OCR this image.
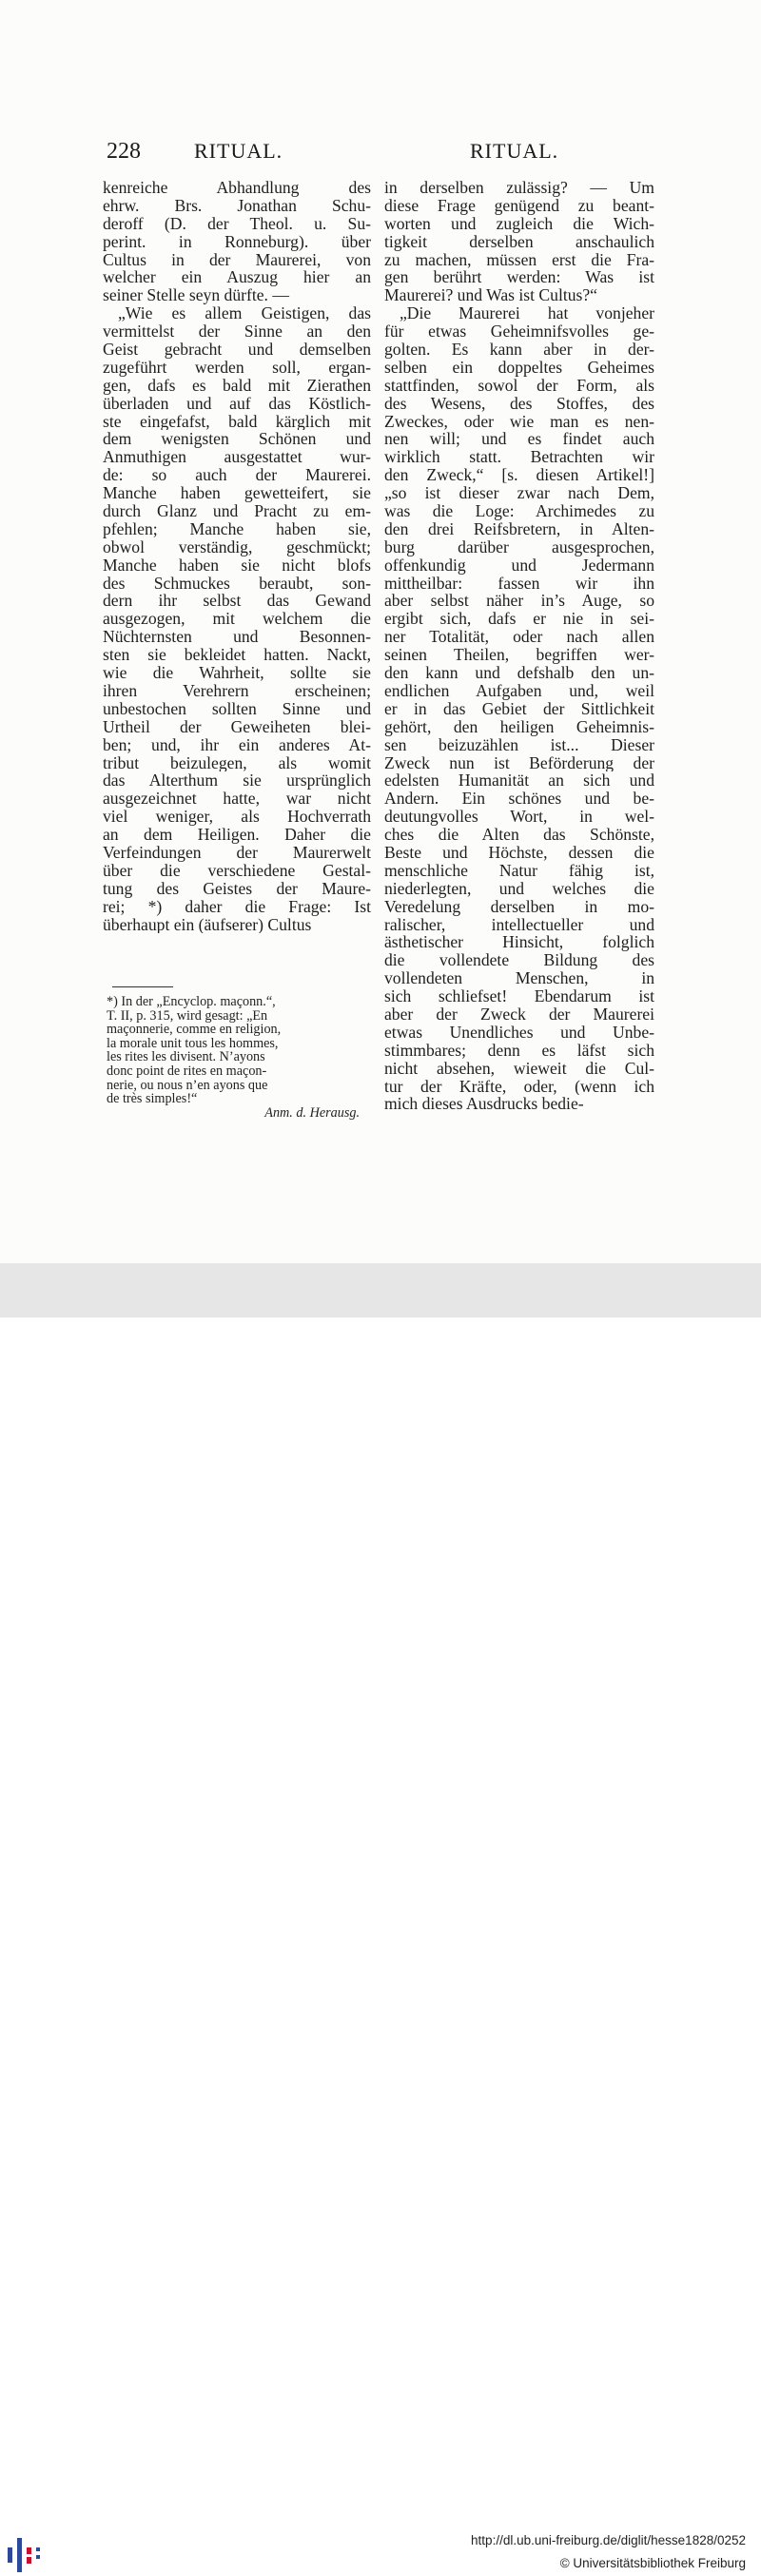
228	RITUAL.	RITUAL.
kenreiche Abhandlung des
ehrw. Brs. Jonathan Schu-
deroff (D. der Theol. u. Su-
perint. in Ronneburg). über
Cultus in der Maurerei, von
welcher ein Auszug hier an
seiner Stelle seyn dürfte. —
„Wie es allem Geistigen, das
vermittelst der Sinne an den
Geist gebracht und demselben
zugeführt werden soll, ergan-
gen, dafs es bald mit Zierathen
überladen und auf das Köstlich-
ste eingefafst, bald kärglich mit
dem wenigsten Schönen und
Anmuthigen ausgestattet wur-
de: so auch der Maurerei.
Manche haben gewetteifert, sie
durch Glanz und Pracht zu em-
pfehlen; Manche haben sie,
obwol verständig, geschmückt;
Manche haben sie nicht blofs
des Schmuckes beraubt, son-
dern ihr selbst das Gewand
ausgezogen, mit welchem die
Nüchternsten und Besonnen-
sten sie bekleidet hatten. Nackt,
wie die Wahrheit, sollte sie
ihren Verehrern erscheinen;
unbestochen sollten Sinne und
Urtheil der Geweiheten blei-
ben; und, ihr ein anderes At-
tribut beizulegen, als womit
das Alterthum sie ursprünglich
ausgezeichnet hatte, war nicht
viel weniger, als Hochverrath
an dem Heiligen. Daher die
Verfeindungen der Maurerwelt
über die verschiedene Gestal-
tung des Geistes der Maure-
rei; *) daher die Frage: Ist
überhaupt ein (äufserer) Cultus
in derselben zulässig? — Um
diese Frage genügend zu beant-
worten und zugleich die Wich-
tigkeit derselben anschaulich
zu machen, müssen erst die Fra-
gen berührt werden: Was ist
Maurerei? und Was ist Cultus?“
„Die Maurerei hat vonjeher
für etwas Geheimnifsvolles ge-
golten. Es kann aber in der-
selben ein doppeltes Geheimes
stattfinden, sowol der Form, als
des Wesens, des Stoffes, des
Zweckes, oder wie man es nen-
nen will; und es findet auch
wirklich statt. Betrachten wir
den Zweck,“ [s. diesen Artikel!]
„so ist dieser zwar nach Dem,
was die Loge: Archimedes zu
den drei Reifsbretern, in Alten-
burg darüber ausgesprochen,
offenkundig und Jedermann
mittheilbar: fassen wir ihn
aber selbst näher in’s Auge, so
ergibt sich, dafs er nie in sei-
ner Totalität, oder nach allen
seinen Theilen, begriffen wer-
den kann und defshalb den un-
endlichen Aufgaben und, weil
er in das Gebiet der Sittlichkeit
gehört, den heiligen Geheimnis-
sen beizuzählen ist... Dieser
Zweck nun ist Beförderung der
edelsten Humanität an sich und
Andern. Ein schönes und be-
deutungvolles Wort, in wel-
ches die Alten das Schönste,
Beste und Höchste, dessen die
menschliche Natur fähig ist,
niederlegten, und welches die
Veredelung derselben in mo-
ralischer, intellectueller und
ästhetischer Hinsicht, folglich
die vollendete Bildung des
vollendeten Menschen, in
sich schliefset! Ebendarum ist
aber der Zweck der Maurerei
etwas Unendliches und Unbe-
stimmbares; denn es läfst sich
nicht absehen, wieweit die Cul-
tur der Kräfte, oder, (wenn ich
mich dieses Ausdrucks bedie-
*) In der „Encyclop. maçonn.“,
T. II, p. 315, wird gesagt: „En
maçonnerie, comme en religion,
la morale unit tous les hommes,
les rites les divisent. N’ayons
donc point de rites en maçon-
nerie, ou nous n’en ayons que
de très simples!“
Anm. d. Herausg.
http://dl.ub.uni-freiburg.de/diglit/hesse1828/0252
© Universitätsbibliothek Freiburg
